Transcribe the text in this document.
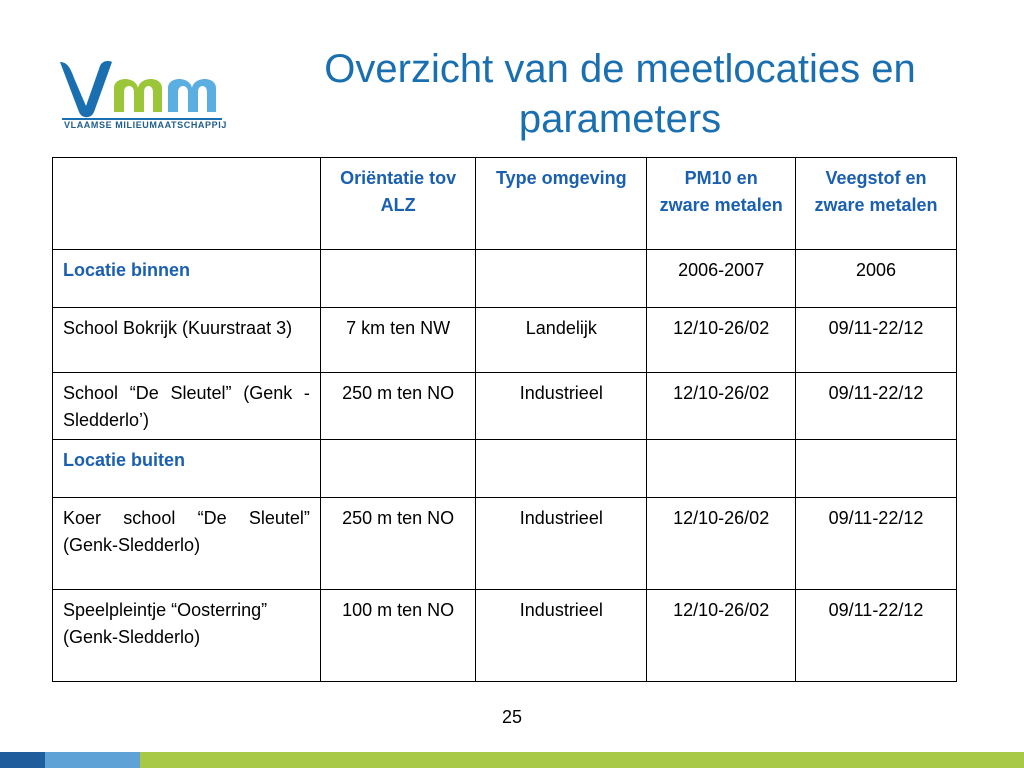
VLAAMSE MILIEUMAATSCHAPPIJ
Overzicht van de meetlocaties en parameters
	Oriëntatie tov ALZ	Type omgeving	PM10 en zware metalen	Veegstof en zware metalen
Locatie binnen			2006-2007	2006
School Bokrijk (Kuurstraat 3)	7 km ten NW	Landelijk	12/10-26/02	09/11-22/12
School “De Sleutel” (Genk -Sledderlo’)	250 m ten NO	Industrieel	12/10-26/02	09/11-22/12
Locatie buiten				
Koer school “De Sleutel” (Genk-Sledderlo)	250 m ten NO	Industrieel	12/10-26/02	09/11-22/12
Speelpleintje “Oosterring” (Genk-Sledderlo)	100 m ten NO	Industrieel	12/10-26/02	09/11-22/12
25
